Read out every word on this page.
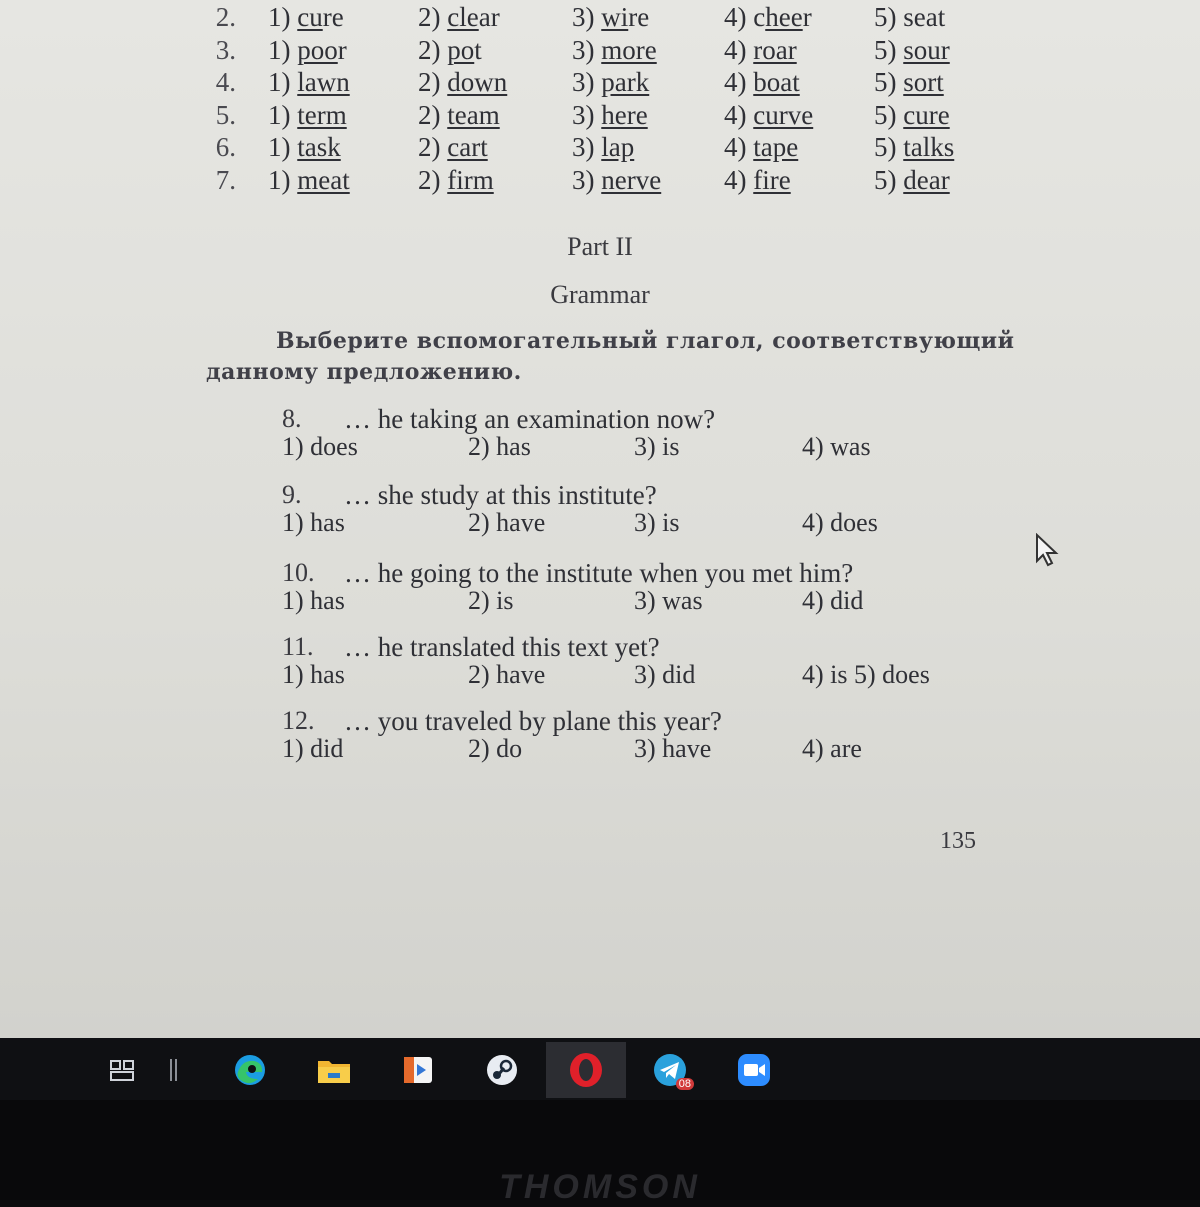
2. 1) cure	2) clear	3) wire	4) cheer 5) seat
3. 1) poor	2) pot	3) more 4) roar	5) sour
4. 1) lawn	2) down 3) park	4) boat	5) sort
5. 1) term	2) team	3) here	4) curve 5) cure
6. 1) task	2) cart	3) lap	4) tape	5) talks
7. 1) meat	2) firm	3) nerve 4) fire	5) dear
Part II
Grammar
Выберите вспомогательный глагол, соответствующий
данному предложению.
8. … he taking an examination now?
1) does	2) has	3) is	4) was
9. … she study at this institute?
1) has	2) have	3) is	4) does
10. … he going to the institute when you met him?
1) has	2) is	3) was	4) did
11. … he translated this text yet?
1) has	2) have	3) did	4) is 5) does
12. … you traveled by plane this year?
1) did	2) do	3) have	4) are
135
08
THOMSON
